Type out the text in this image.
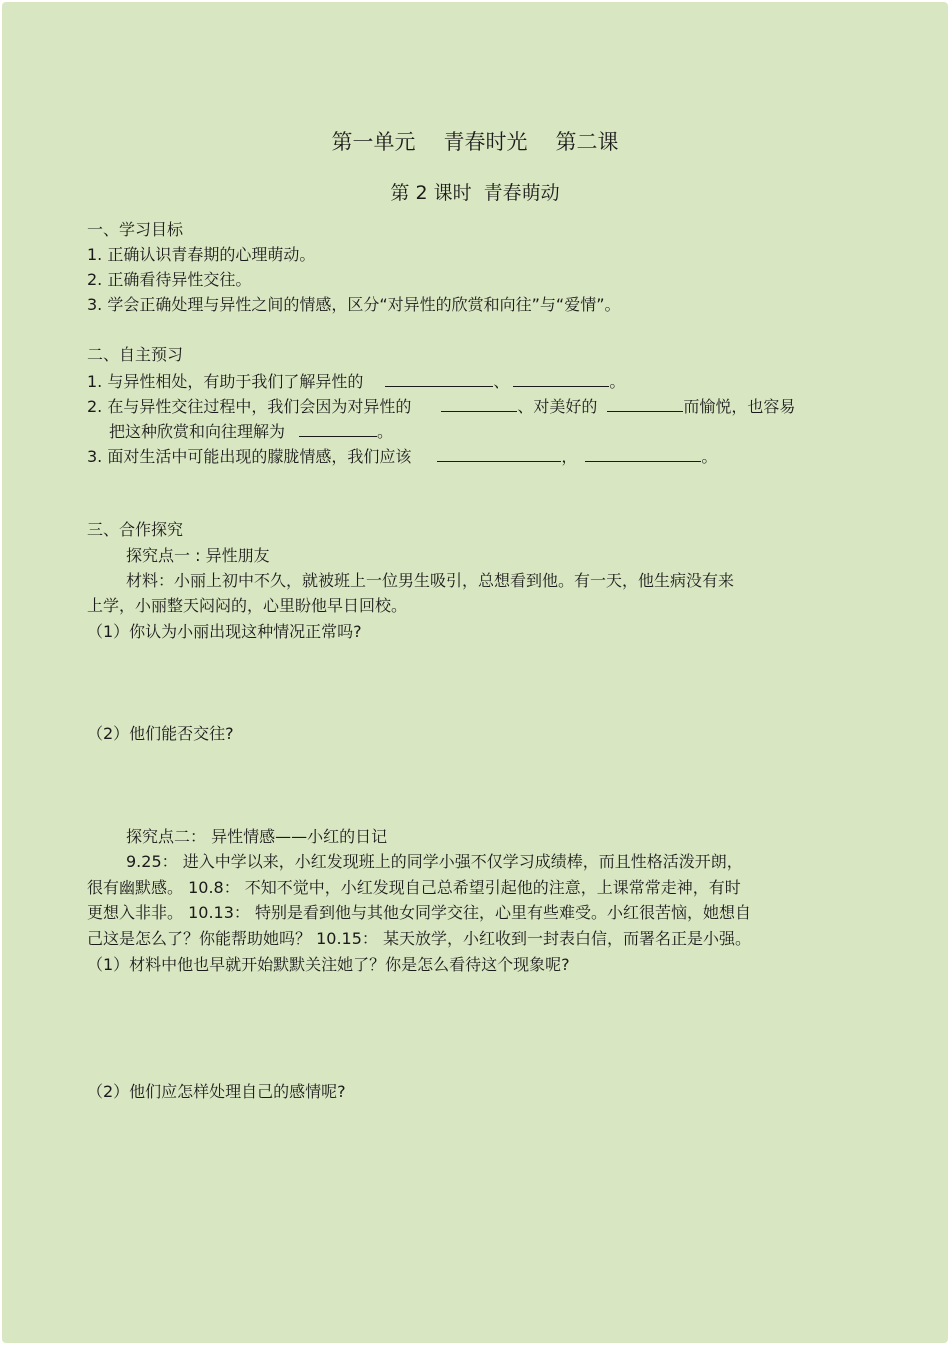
第一单元 青春时光 第二课
第 2 课时 青春萌动
一、学习目标
1. 正确认识青春期的心理萌动。
2. 正确看待异性交往。
3. 学会正确处理与异性之间的情感，区分“对异性的欣赏和向往”与“爱情”。
二、自主预习
1. 与异性相处，有助于我们了解异性的	、	。
2. 在与异性交往过程中，我们会因为对异性的	、对美好的	而愉悦，也容易
把这种欣赏和向往理解为	。
3. 面对生活中可能出现的朦胧情感，我们应该	，	。
三、合作探究
探究点一 : 异性朋友
材料：小丽上初中不久，就被班上一位男生吸引，总想看到他。有一天，他生病没有来
上学，小丽整天闷闷的，心里盼他早日回校。
（1）你认为小丽出现这种情况正常吗?
（2）他们能否交往?
探究点二： 异性情感——小红的日记
9.25： 进入中学以来，小红发现班上的同学小强不仅学习成绩棒，而且性格活泼开朗，
很有幽默感。 10.8： 不知不觉中，小红发现自己总希望引起他的注意，上课常常走神，有时
更想入非非。 10.13： 特别是看到他与其他女同学交往，心里有些难受。小红很苦恼，她想自
己这是怎么了？你能帮助她吗？ 10.15： 某天放学，小红收到一封表白信，而署名正是小强。
（1）材料中他也早就开始默默关注她了？你是怎么看待这个现象呢?
（2）他们应怎样处理自己的感情呢?
